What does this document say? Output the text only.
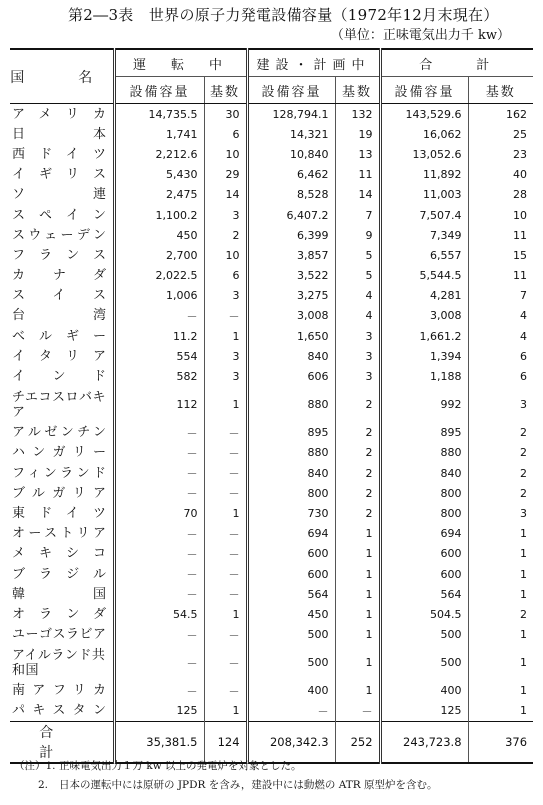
第2―3表　世界の原子力発電設備容量（1972年12月末現在）
（単位：正味電気出力千 kw）
国　名	運　転　中		建設・計画中		合　　計	
	設備容量	基数	設備容量	基数	設備容量	基数
アメリカ	14,735.5	30	128,794.1	132	143,529.6	162
日本	1,741	6	14,321	19	16,062	25
西ドイツ	2,212.6	10	10,840	13	13,052.6	23
イギリス	5,430	29	6,462	11	11,892	40
ソ連	2,475	14	8,528	14	11,003	28
スペイン	1,100.2	3	6,407.2	7	7,507.4	10
スウェーデン	450	2	6,399	9	7,349	11
フランス	2,700	10	3,857	5	6,557	15
カナダ	2,022.5	6	3,522	5	5,544.5	11
スイス	1,006	3	3,275	4	4,281	7
台湾	－	－	3,008	4	3,008	4
ベルギー	11.2	1	1,650	3	1,661.2	4
イタリア	554	3	840	3	1,394	6
インド	582	3	606	3	1,188	6
チエコスロバキア	112	1	880	2	992	3
アルゼンチン	－	－	895	2	895	2
ハンガリー	－	－	880	2	880	2
フィンランド	－	－	840	2	840	2
ブルガリア	－	－	800	2	800	2
東ドイツ	70	1	730	2	800	3
オーストリア	－	－	694	1	694	1
メキシコ	－	－	600	1	600	1
ブラジル	－	－	600	1	600	1
韓国	－	－	564	1	564	1
オランダ	54.5	1	450	1	504.5	2
ユーゴスラビア	－	－	500	1	500	1
アイルランド共和国	－	－	500	1	500	1
南アフリカ	－	－	400	1	400	1
パキスタン	125	1	－	－	125	1
合　計	35,381.5	124	208,342.3	252	243,723.8	376
（注）1. 正味電気出力１万 kw 以上の発電炉を対象とした。
2. 日本の運転中には原研の JPDR を含み，建設中には動燃の ATR 原型炉を含む。
